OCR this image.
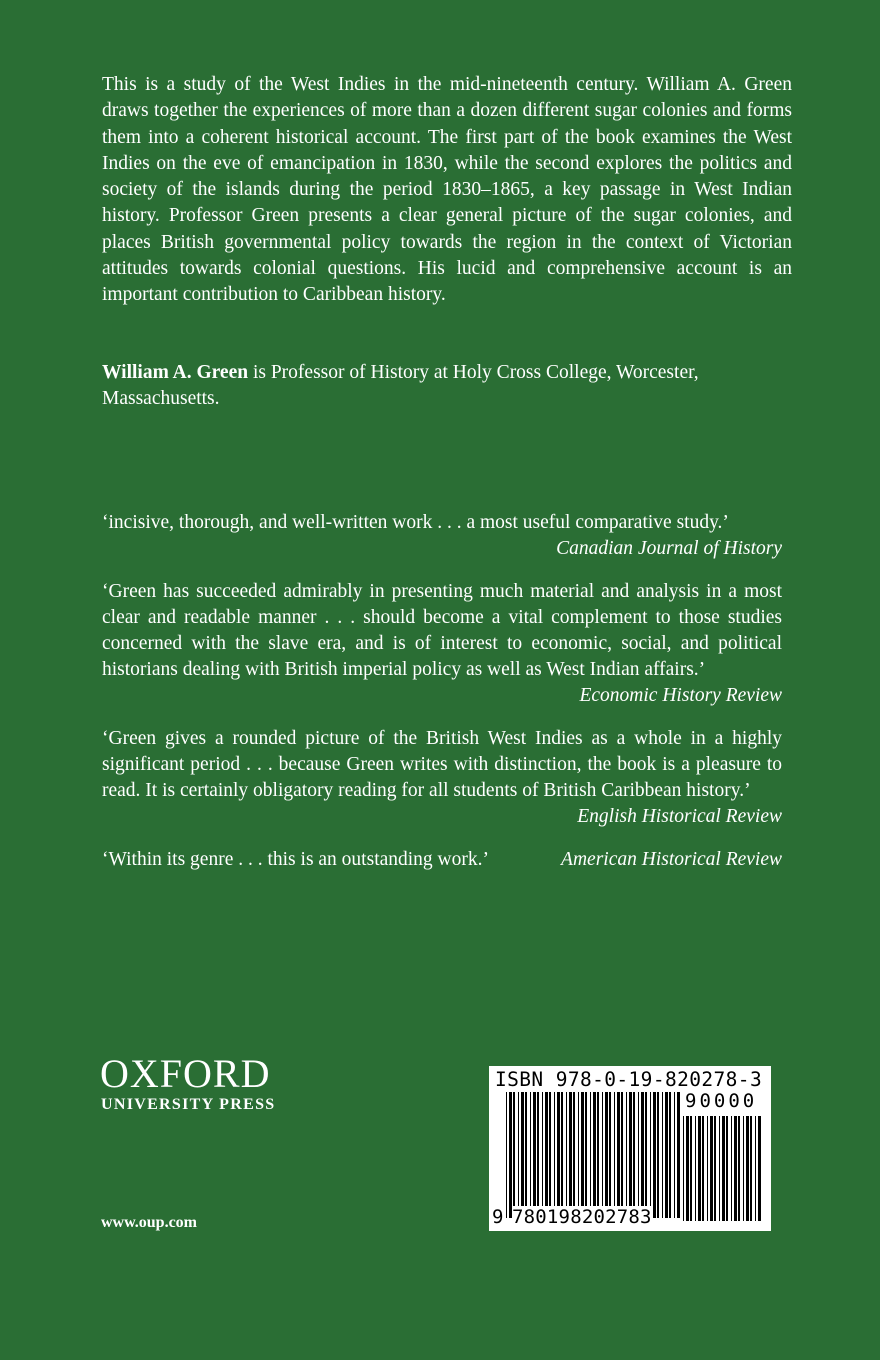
This is a study of the West Indies in the mid-nineteenth century. William A. Green draws together the experiences of more than a dozen different sugar colonies and forms them into a coherent historical account. The first part of the book examines the West Indies on the eve of emancipation in 1830, while the second explores the politics and society of the islands during the period 1830–1865, a key passage in West Indian history. Professor Green presents a clear general picture of the sugar colonies, and places British governmental policy towards the region in the context of Victorian attitudes towards colonial questions. His lucid and comprehensive account is an important contribution to Caribbean history.

William A. Green is Professor of History at Holy Cross College, Worcester, Massachusetts.
‘incisive, thorough, and well-written work . . . a most useful comparative study.’
Canadian Journal of History
‘Green has succeeded admirably in presenting much material and analysis in a most clear and readable manner . . . should become a vital complement to those studies concerned with the slave era, and is of interest to economic, social, and political historians dealing with British imperial policy as well as West Indian affairs.’
Economic History Review
‘Green gives a rounded picture of the British West Indies as a whole in a highly significant period . . . because Green writes with distinction, the book is a pleasure to read. It is certainly obligatory reading for all students of British Caribbean history.’
English Historical Review
‘Within its genre . . . this is an outstanding work.’	American Historical Review
OXFORD
UNIVERSITY PRESS
www.oup.com
ISBN 978-0-19-820278-3
90000
9 780198202783
